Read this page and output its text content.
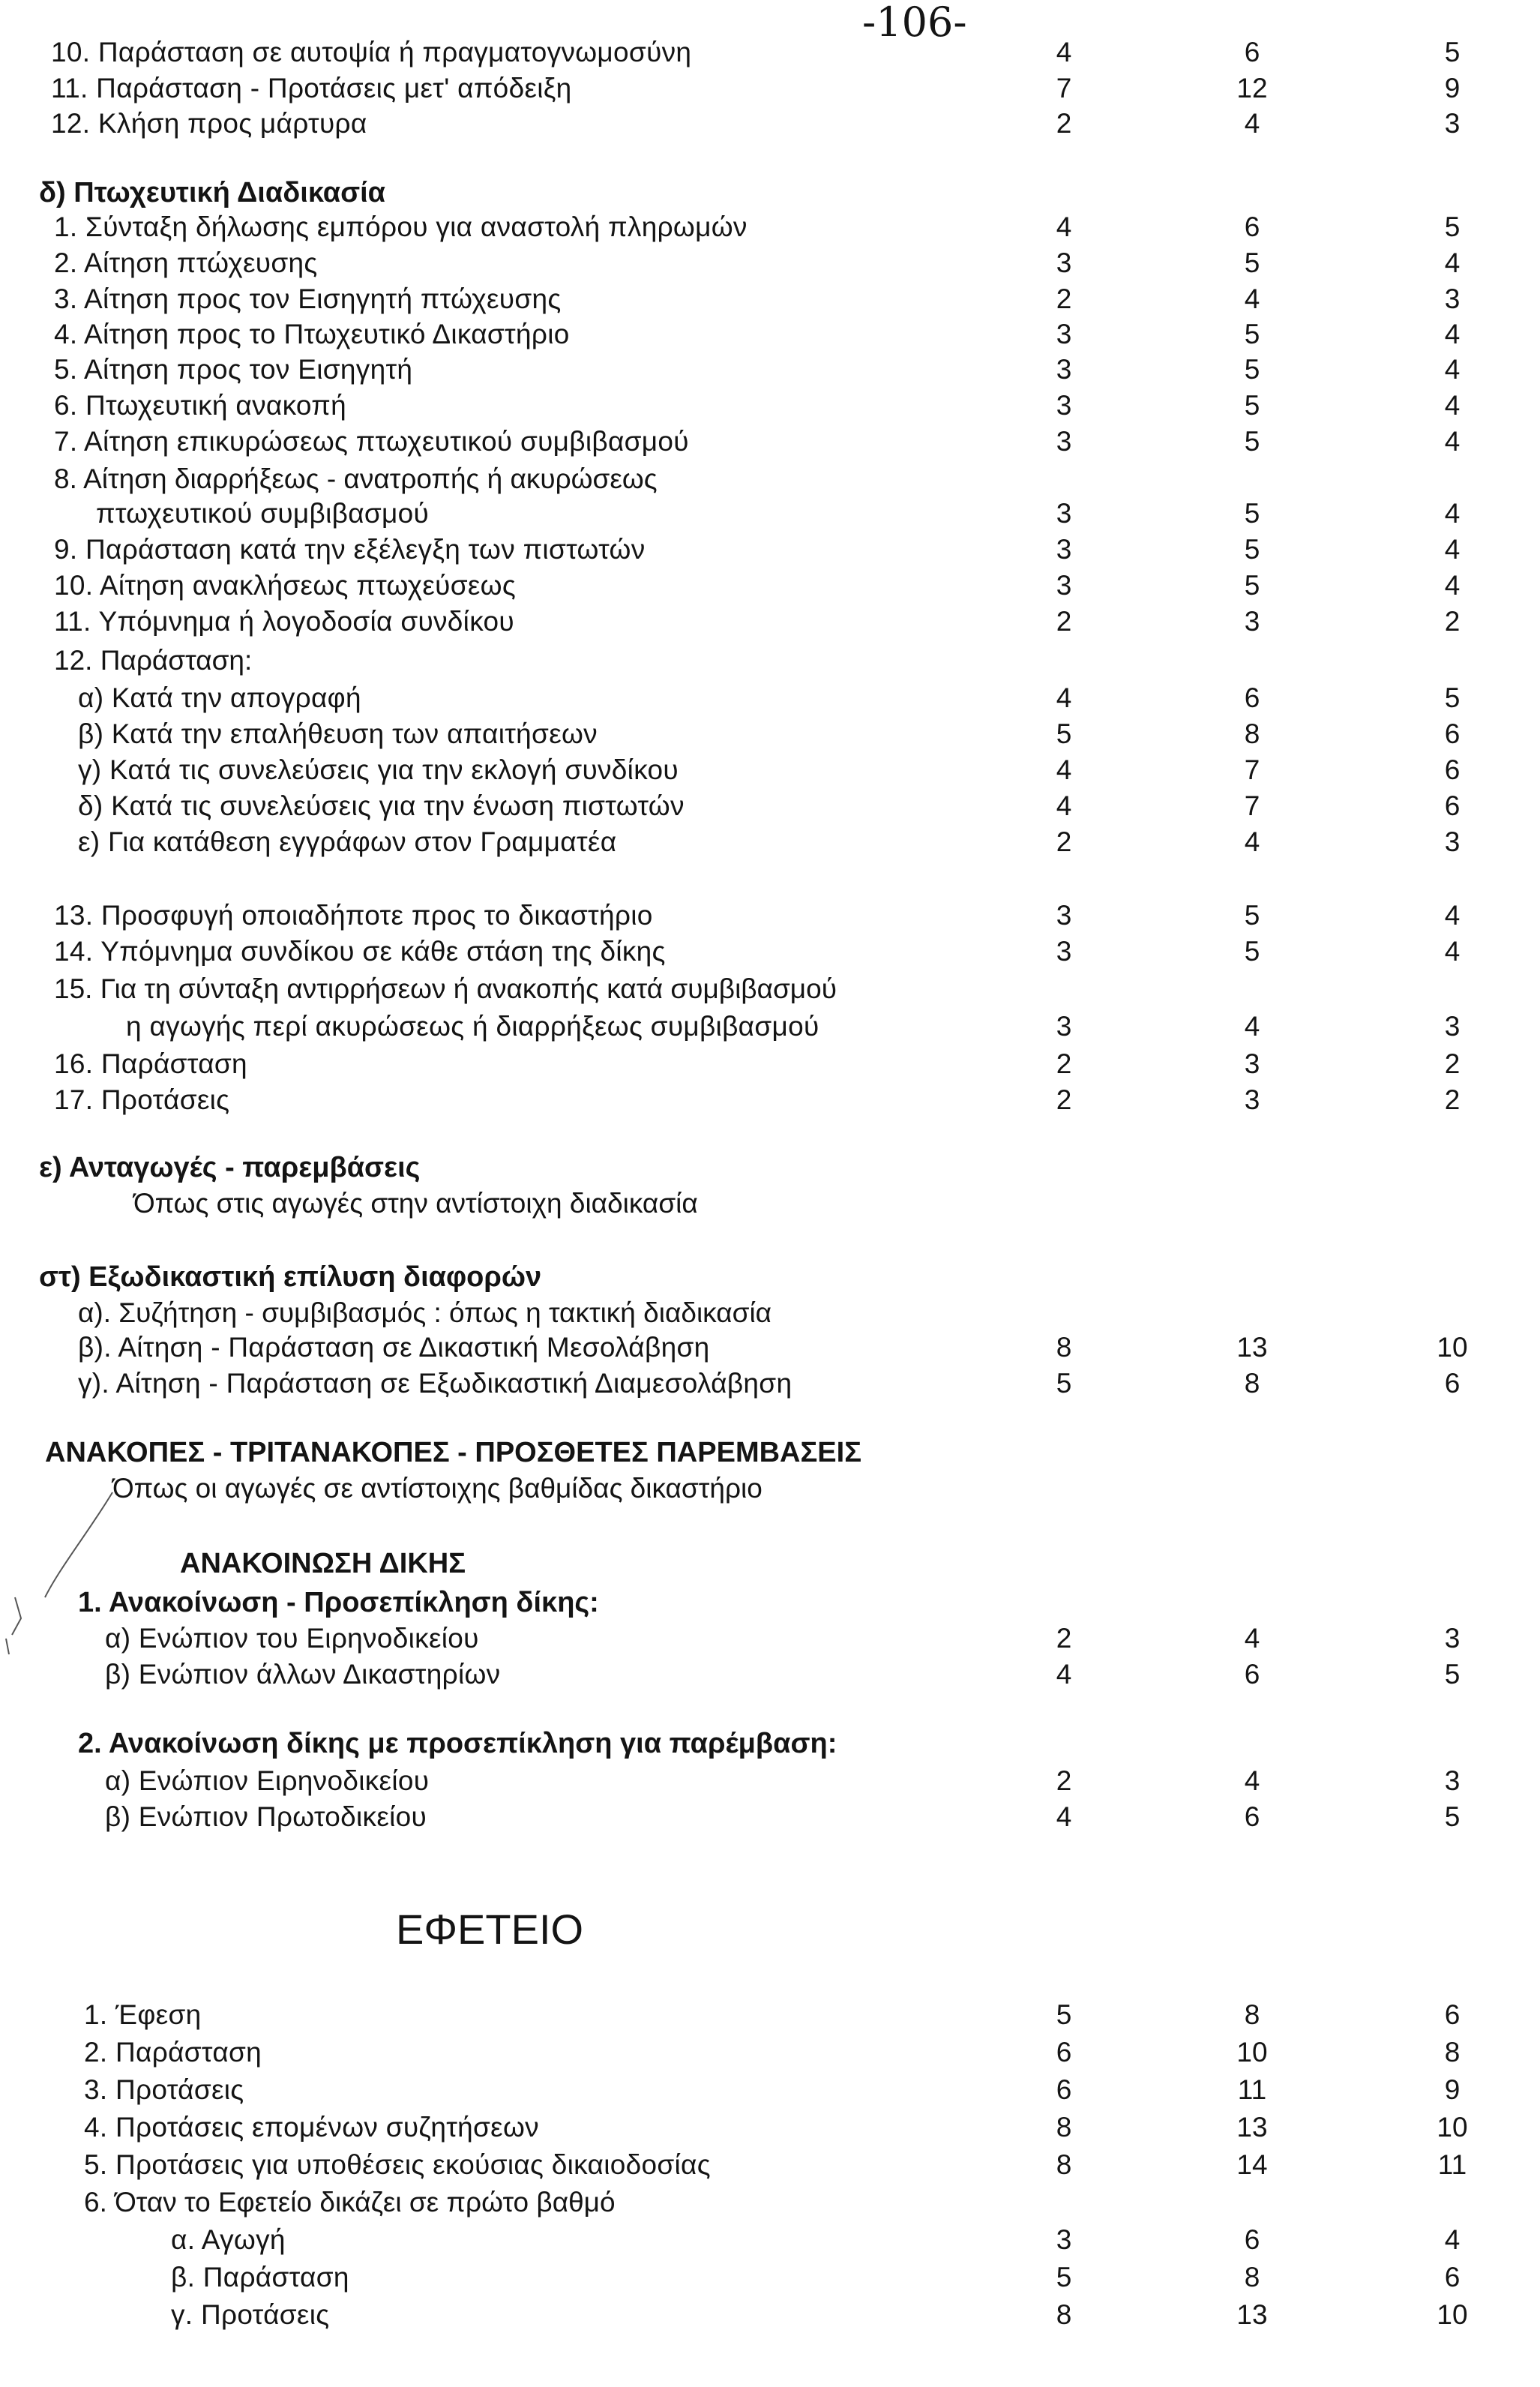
-106-
10. Παράσταση σε αυτοψία ή πραγματογνωμοσύνη	4	6	5
11. Παράσταση - Προτάσεις μετ' απόδειξη	7	12	9
12. Κλήση προς μάρτυρα	2	4	3
δ) Πτωχευτική Διαδικασία
1. Σύνταξη δήλωσης εμπόρου για αναστολή πληρωμών	4	6	5
2. Αίτηση πτώχευσης	3	5	4
3. Αίτηση προς τον Εισηγητή πτώχευσης	2	4	3
4. Αίτηση προς το Πτωχευτικό Δικαστήριο	3	5	4
5. Αίτηση προς τον Εισηγητή	3	5	4
6. Πτωχευτική ανακοπή	3	5	4
7. Αίτηση επικυρώσεως πτωχευτικού συμβιβασμού	3	5	4
8. Αίτηση διαρρήξεως - ανατροπής ή ακυρώσεως
πτωχευτικού συμβιβασμού	3	5	4
9. Παράσταση κατά την εξέλεγξη των πιστωτών	3	5	4
10. Αίτηση ανακλήσεως πτωχεύσεως	3	5	4
11. Υπόμνημα ή λογοδοσία συνδίκου	2	3	2
12. Παράσταση:
α) Κατά την απογραφή	4	6	5
β) Κατά την επαλήθευση των απαιτήσεων	5	8	6
γ) Κατά τις συνελεύσεις για την εκλογή συνδίκου	4	7	6
δ) Κατά τις συνελεύσεις για την ένωση πιστωτών	4	7	6
ε) Για κατάθεση εγγράφων στον Γραμματέα	2	4	3
13. Προσφυγή οποιαδήποτε προς το δικαστήριο	3	5	4
14. Υπόμνημα συνδίκου σε κάθε στάση της δίκης	3	5	4
15. Για τη σύνταξη αντιρρήσεων ή ανακοπής κατά συμβιβασμού
η αγωγής περί ακυρώσεως ή διαρρήξεως συμβιβασμού	3	4	3
16. Παράσταση	2	3	2
17. Προτάσεις	2	3	2
ε) Ανταγωγές - παρεμβάσεις
Όπως στις αγωγές στην αντίστοιχη διαδικασία
στ) Εξωδικαστική επίλυση διαφορών
α). Συζήτηση - συμβιβασμός : όπως η τακτική διαδικασία
β). Αίτηση - Παράσταση σε Δικαστική Μεσολάβηση	8	13	10
γ). Αίτηση - Παράσταση σε Εξωδικαστική Διαμεσολάβηση	5	8	6
ΑΝΑΚΟΠΕΣ - ΤΡΙΤΑΝΑΚΟΠΕΣ - ΠΡΟΣΘΕΤΕΣ ΠΑΡΕΜΒΑΣΕΙΣ
Όπως οι αγωγές σε αντίστοιχης βαθμίδας δικαστήριο
ΑΝΑΚΟΙΝΩΣΗ ΔΙΚΗΣ
1. Ανακοίνωση - Προσεπίκληση δίκης:
α) Ενώπιον του Ειρηνοδικείου	2	4	3
β) Ενώπιον άλλων Δικαστηρίων	4	6	5
2. Ανακοίνωση δίκης με προσεπίκληση για παρέμβαση:
α) Ενώπιον Ειρηνοδικείου	2	4	3
β) Ενώπιον Πρωτοδικείου	4	6	5
ΕΦΕΤΕΙΟ
1. Έφεση	5	8	6
2. Παράσταση	6	10	8
3. Προτάσεις	6	11	9
4. Προτάσεις επομένων συζητήσεων	8	13	10
5. Προτάσεις για υποθέσεις εκούσιας δικαιοδοσίας	8	14	11
6. Όταν το Εφετείο δικάζει σε πρώτο βαθμό
α. Αγωγή	3	6	4
β. Παράσταση	5	8	6
γ. Προτάσεις	8	13	10
